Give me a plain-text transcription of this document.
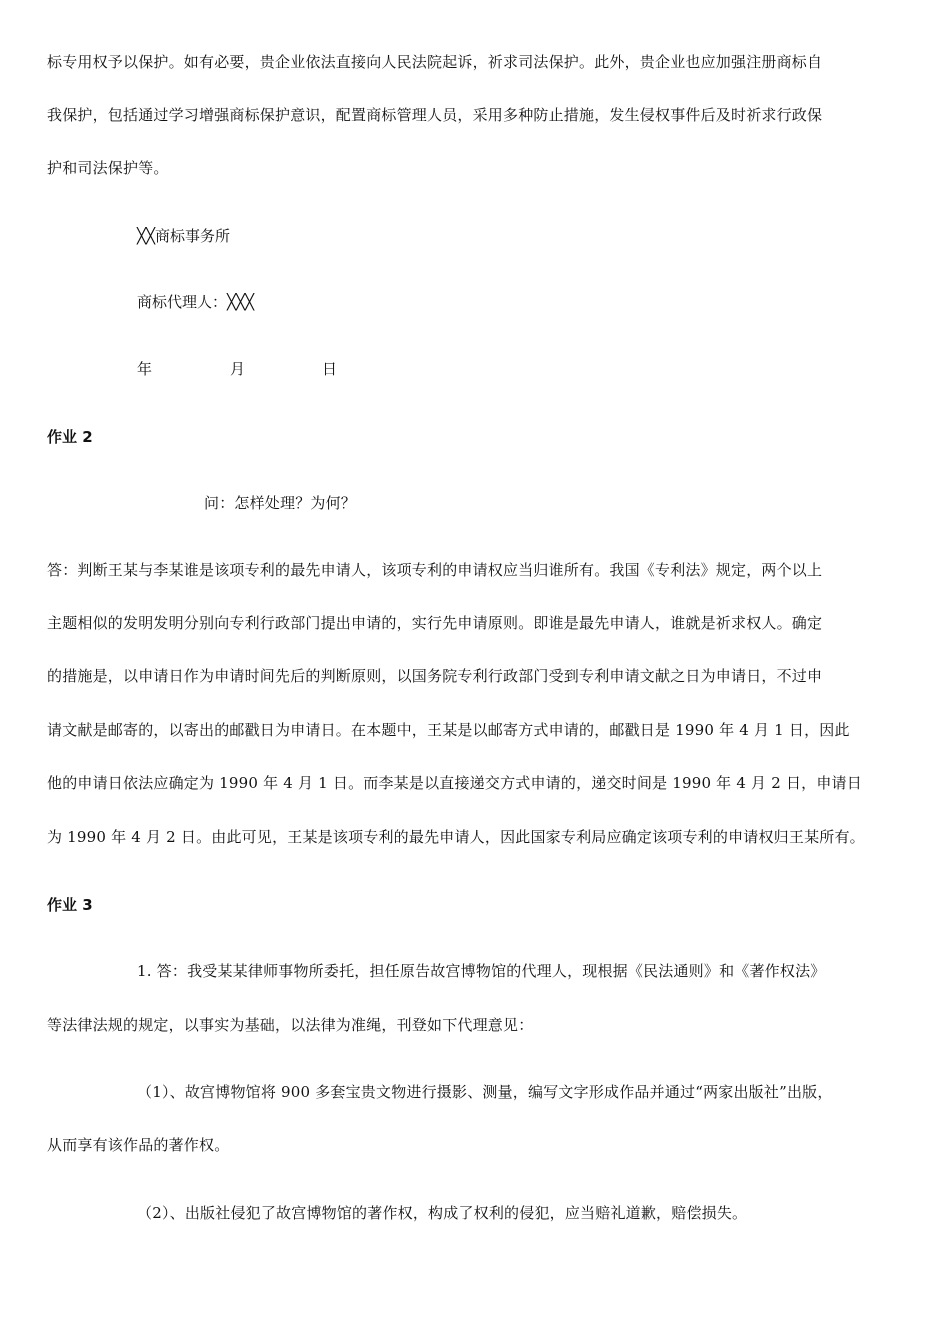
标专用权予以保护。如有必要，贵企业依法直接向人民法院起诉，祈求司法保护。此外，贵企业也应加强注册商标自
我保护，包括通过学习增强商标保护意识，配置商标管理人员，采用多种防止措施，发生侵权事件后及时祈求行政保
护和司法保护等。
╳╳商标事务所
商标代理人：╳╳╳
年	月	日
作业 2
问：怎样处理？为何？
答：判断王某与李某谁是该项专利的最先申请人，该项专利的申请权应当归谁所有。我国《专利法》规定，两个以上
主题相似的发明发明分别向专利行政部门提出申请的，实行先申请原则。即谁是最先申请人，谁就是祈求权人。确定
的措施是，以申请日作为申请时间先后的判断原则，以国务院专利行政部门受到专利申请文献之日为申请日，不过申
请文献是邮寄的，以寄出的邮戳日为申请日。在本题中，王某是以邮寄方式申请的，邮戳日是 1990 年 4 月 1 日，因此
他的申请日依法应确定为 1990 年 4 月 1 日。而李某是以直接递交方式申请的，递交时间是 1990 年 4 月 2 日，申请日
为 1990 年 4 月 2 日。由此可见，王某是该项专利的最先申请人，因此国家专利局应确定该项专利的申请权归王某所有。
作业 3
1. 答：我受某某律师事物所委托，担任原告故宫博物馆的代理人，现根据《民法通则》和《著作权法》
等法律法规的规定，以事实为基础，以法律为准绳，刊登如下代理意见：
（1）、故宫博物馆将 900 多套宝贵文物进行摄影、测量，编写文字形成作品并通过“两家出版社”出版，
从而享有该作品的著作权。
（2）、出版社侵犯了故宫博物馆的著作权，构成了权利的侵犯，应当赔礼道歉，赔偿损失。
